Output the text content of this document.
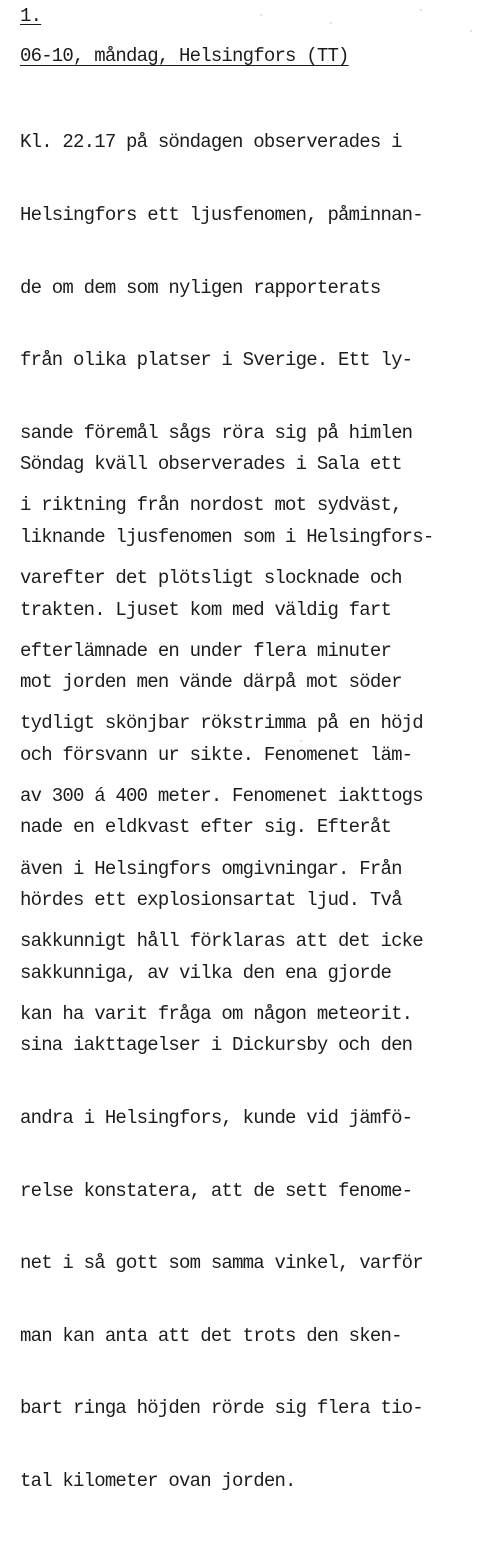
1.
06-10, måndag, Helsingfors (TT)

Kl. 22.17 på söndagen observerades i

Helsingfors ett ljusfenomen, påminnan-

de om dem som nyligen rapporterats

från olika platser i Sverige. Ett ly-

sande föremål sågs röra sig på himlen

i riktning från nordost mot sydväst,

varefter det plötsligt slocknade och

efterlämnade en under flera minuter

tydligt skönjbar rökstrimma på en höjd

av 300 á 400 meter. Fenomenet iakttogs

även i Helsingfors omgivningar. Från

sakkunnigt håll förklaras att det icke

kan ha varit fråga om någon meteorit.

Söndag kväll observerades i Sala ett

liknande ljusfenomen som i Helsingfors-

trakten. Ljuset kom med väldig fart

mot jorden men vände därpå mot söder

och försvann ur sikte. Fenomenet läm-

nade en eldkvast efter sig. Efteråt

hördes ett explosionsartat ljud. Två

sakkunniga, av vilka den ena gjorde

sina iakttagelser i Dickursby och den

andra i Helsingfors, kunde vid jämfö-

relse konstatera, att de sett fenome-

net i så gott som samma vinkel, varför

man kan anta att det trots den sken-

bart ringa höjden rörde sig flera tio-

tal kilometer ovan jorden.
